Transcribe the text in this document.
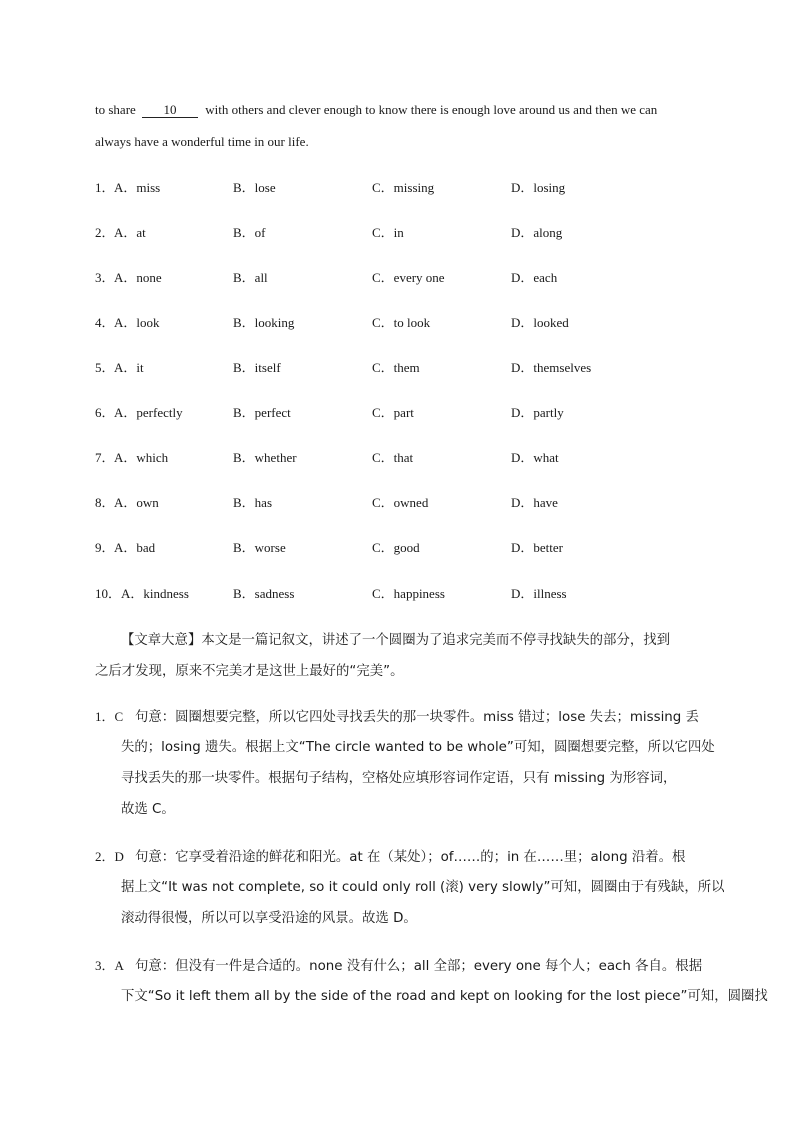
to share 10 with others and clever enough to know there is enough love around us and then we can
always have a wonderful time in our life.
1． A．miss	B．lose	C．missing	D．losing
2． A．at	B．of	C．in	D．along
3． A．none	B．all	C．every one	D．each
4． A．look	B．looking	C．to look	D．looked
5． A．it	B．itself	C．them	D．themselves
6． A．perfectly	B．perfect	C．part	D．partly
7． A．which	B．whether	C．that	D．what
8． A．own	B．has	C．owned	D．have
9． A．bad	B．worse	C．good	D．better
10． A．kindness	B．sadness	C．happiness	D．illness
【文章大意】本文是一篇记叙文，讲述了一个圆圈为了追求完美而不停寻找缺失的部分，找到
之后才发现，原来不完美才是这世上最好的“完美”。
1．C 句意：圆圈想要完整，所以它四处寻找丢失的那一块零件。miss 错过；lose 失去；missing 丢
失的；losing 遗失。根据上文“The circle wanted to be whole”可知，圆圈想要完整，所以它四处
寻找丢失的那一块零件。根据句子结构，空格处应填形容词作定语，只有 missing 为形容词，
故选 C。
2．D 句意：它享受着沿途的鲜花和阳光。at 在（某处）；of……的；in 在……里；along 沿着。根
据上文“It was not complete, so it could only roll (滚) very slowly”可知，圆圈由于有残缺，所以
滚动得很慢，所以可以享受沿途的风景。故选 D。
3．A 句意：但没有一件是合适的。none 没有什么；all 全部；every one 每个人；each 各自。根据
下文“So it left them all by the side of the road and kept on looking for the lost piece”可知，圆圈找
